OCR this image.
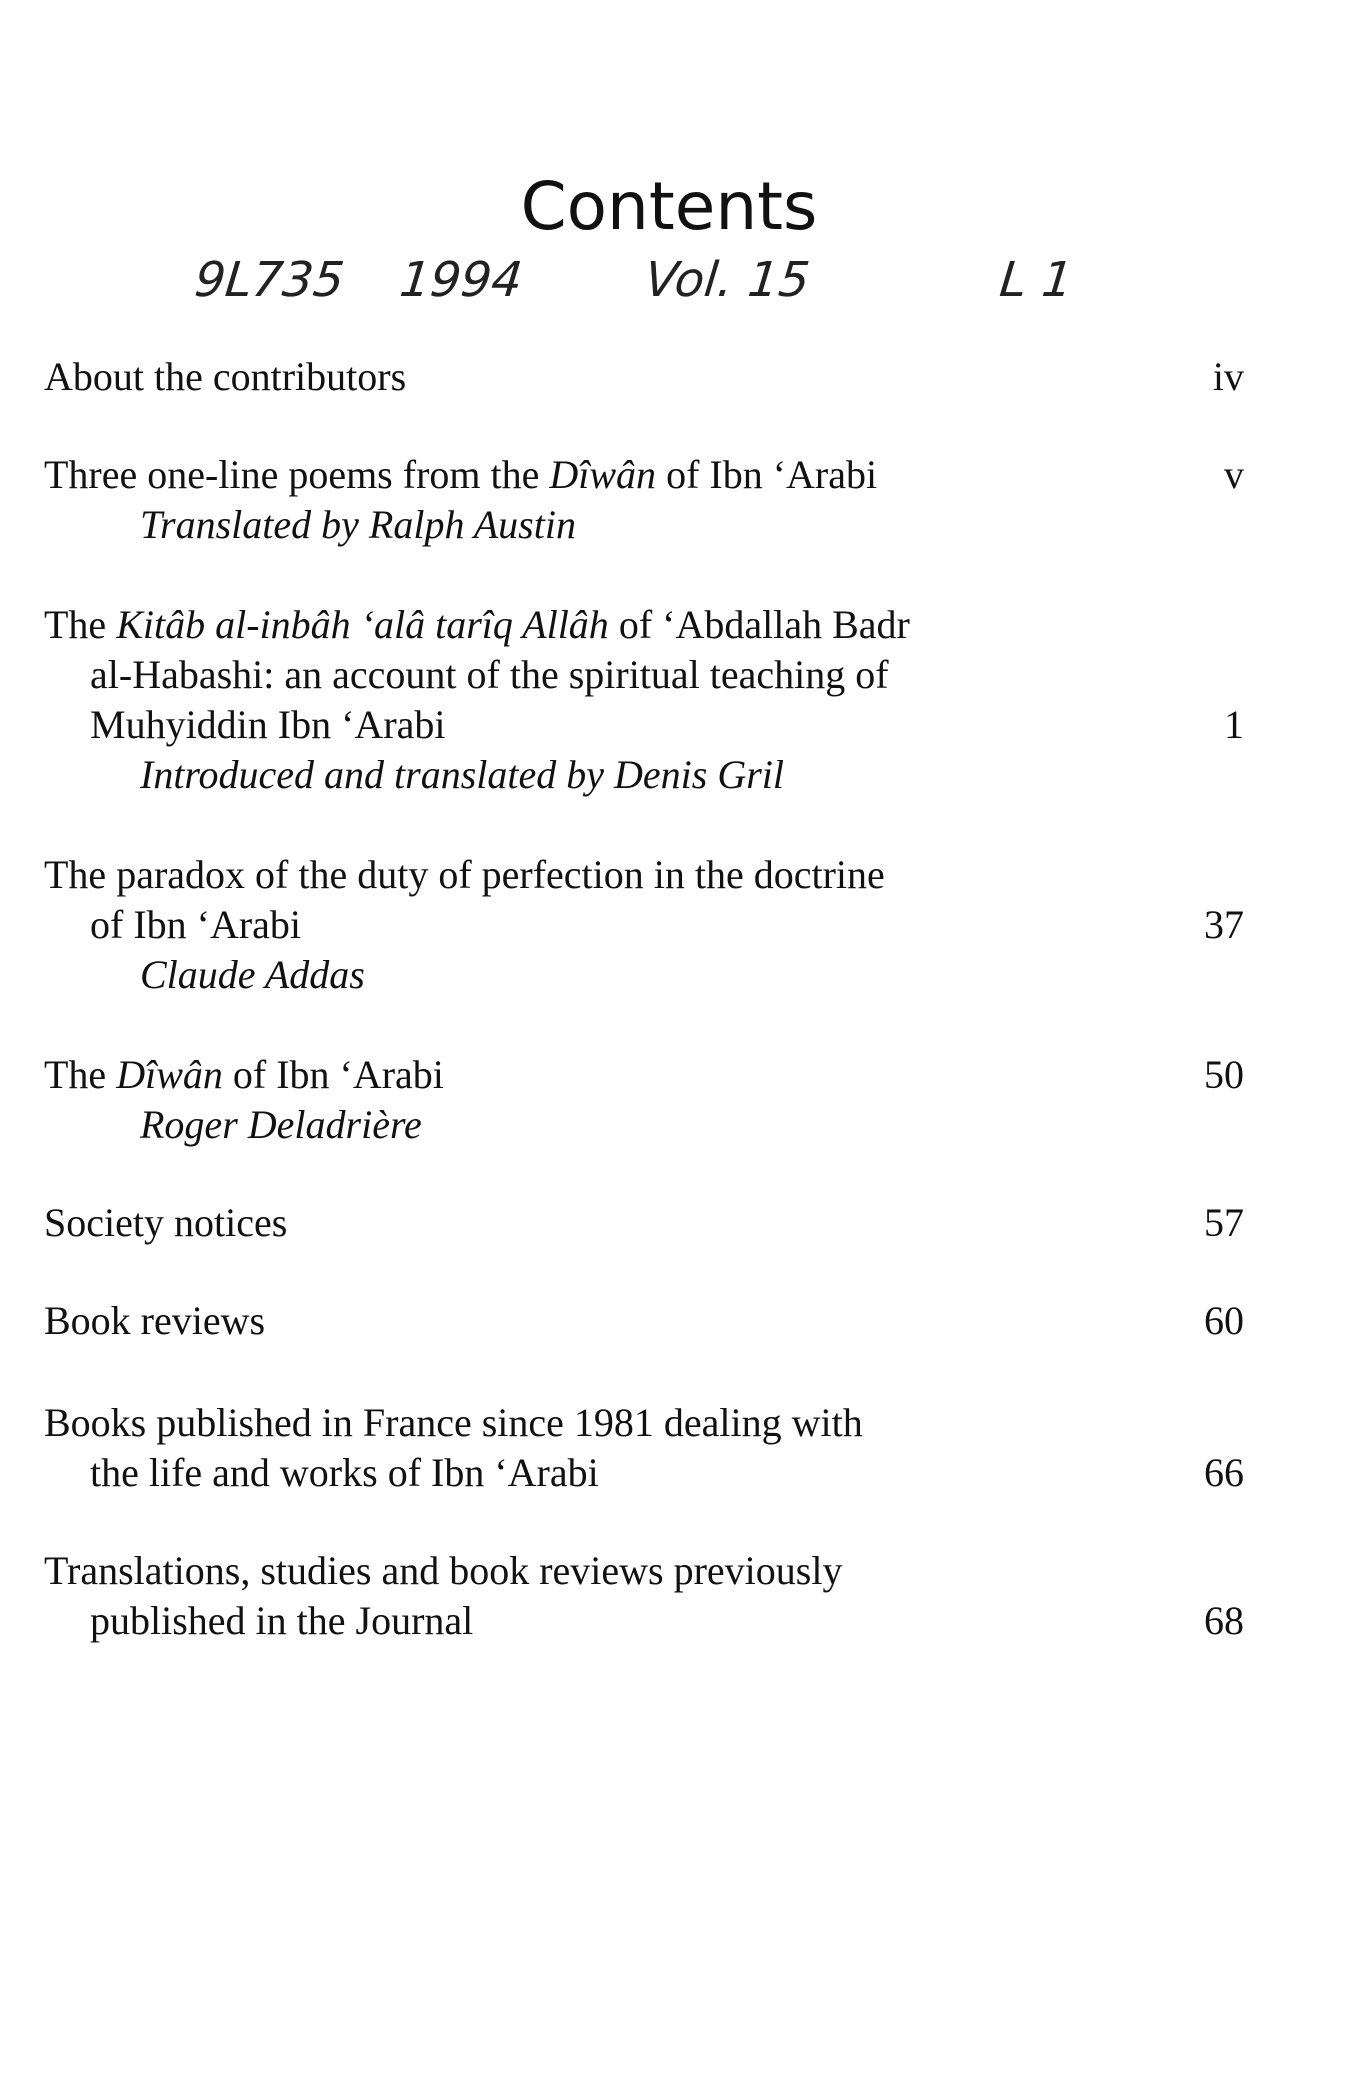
Contents
9L735 1994 Vol. 15	L 1
About the contributors	iv
Three one-line poems from the Dîwân of Ibn ‘Arabi	v
Translated by Ralph Austin
The Kitâb al-inbâh ‘alâ tarîq Allâh of ‘Abdallah Badr
al-Habashi: an account of the spiritual teaching of
Muhyiddin Ibn ‘Arabi	1
Introduced and translated by Denis Gril
The paradox of the duty of perfection in the doctrine
of Ibn ‘Arabi	37
Claude Addas
The Dîwân of Ibn ‘Arabi	50
Roger Deladrière
Society notices	57
Book reviews	60
Books published in France since 1981 dealing with
the life and works of Ibn ‘Arabi	66
Translations, studies and book reviews previously
published in the Journal	68
